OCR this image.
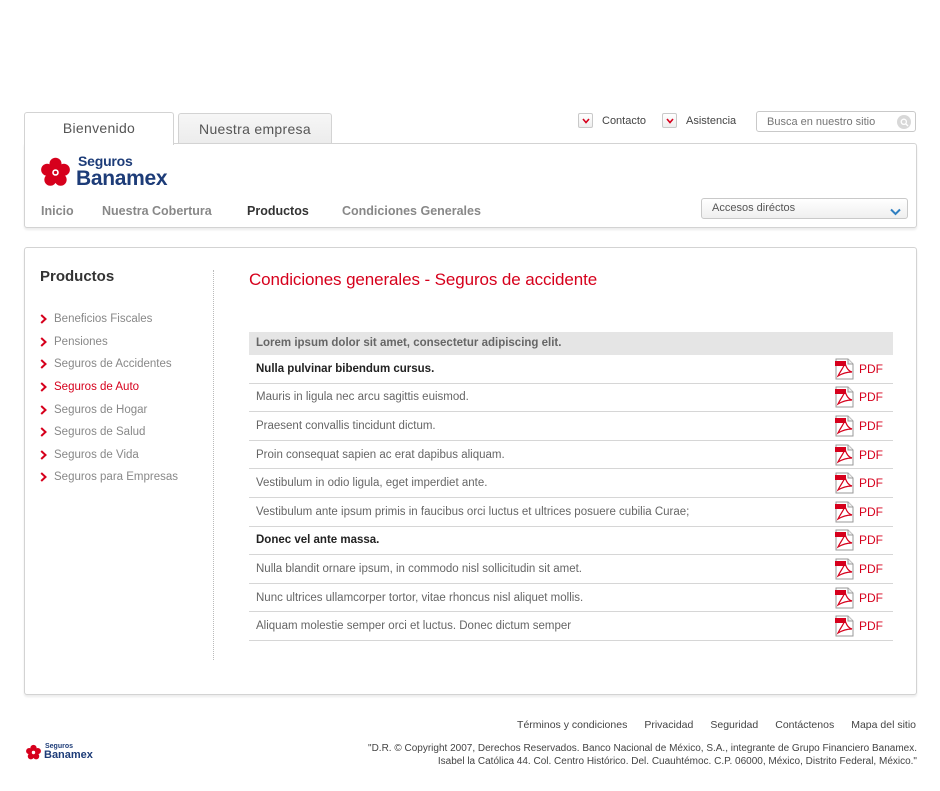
Bienvenido	Nuestra empresa
Contacto	Asistencia
Busca en nuestro sitio
Seguros
Banamex
Inicio Nuestra Cobertura	Productos	Condiciones Generales	Accesos diréctos
Productos
Beneficios Fiscales
Pensiones
Seguros de Accidentes
Seguros de Auto
Seguros de Hogar
Seguros de Salud
Seguros de Vida
Seguros para Empresas
Condiciones generales - Seguros de accidente
Lorem ipsum dolor sit amet, consectetur adipiscing elit.
Nulla pulvinar bibendum cursus.	PDF
Mauris in ligula nec arcu sagittis euismod.	PDF
Praesent convallis tincidunt dictum.	PDF
Proin consequat sapien ac erat dapibus aliquam.	PDF
Vestibulum in odio ligula, eget imperdiet ante.	PDF
Vestibulum ante ipsum primis in faucibus orci luctus et ultrices posuere cubilia Curae;	PDF
Donec vel ante massa.	PDF
Nulla blandit ornare ipsum, in commodo nisl sollicitudin sit amet.	PDF
Nunc ultrices ullamcorper tortor, vitae rhoncus nisl aliquet mollis.	PDF
Aliquam molestie semper orci et luctus. Donec dictum semper	PDF
Términos y condiciones Privacidad Seguridad Contáctenos Mapa del sitio
Seguros
Banamex
"D.R. © Copyright 2007, Derechos Reservados. Banco Nacional de México, S.A., integrante de Grupo Financiero Banamex.
Isabel la Católica 44. Col. Centro Histórico. Del. Cuauhtémoc. C.P. 06000, México, Distrito Federal, México."
